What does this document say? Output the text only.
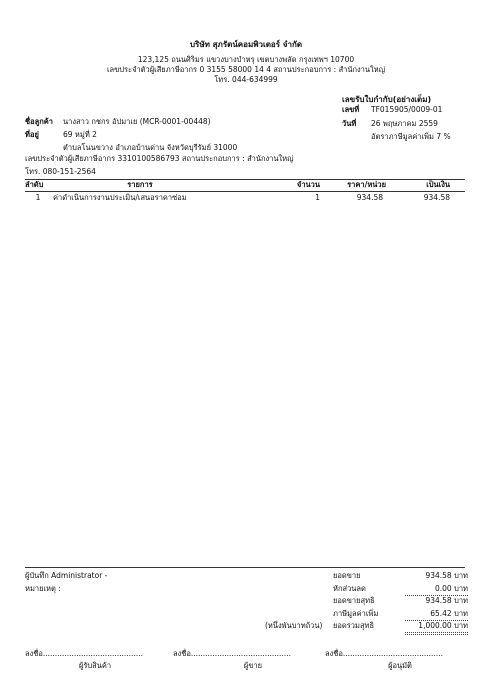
บริษัท สุภรัตน์คอมพิวเตอร์ จำกัด
123,125 ถนนศิริมร แขวงบางบำหรุ เขตบางพลัด กรุงเทพฯ 10700
เลขประจำตัวผู้เสียภาษีอากร 0 3155 58000 14 4 สถานประกอบการ : สำนักงานใหญ่
โทร. 044-634999
เลขรับใบกำกับ(อย่างเต็ม)
เลขที่ TF015905/0009-01
วันที่ 26 พฤษภาคม 2559
อัตราภาษีมูลค่าเพิ่ม 7 %
ชื่อลูกค้า นางสาว กชกร อัปมาเย (MCR-0001-00448)
ที่อยู่	69 หมู่ที่ 2
ตำบลโนนขวาง อำเภอบ้านด่าน จังหวัดบุรีรัมย์ 31000
เลขประจำตัวผู้เสียภาษีอากร 3310100586793 สถานประกอบการ : สำนักงานใหญ่
โทร. 080-151-2564
ลำดับ	รายการ	จำนวน	ราคา/หน่วย	เป็นเงิน
1	ค่าดำเนินการงานประเมิน/เสนอราคาซ่อม	1	934.58	934.58
ผู้บันทึก Administrator -
หมายเหตุ :
ยอดขาย	934.58 บาท
หักส่วนลด	0.00 บาท
ยอดขายสุทธิ	934.58 บาท
ภาษีมูลค่าเพิ่ม	65.42 บาท
(หนึ่งพันบาทถ้วน) ยอดรวมสุทธิ	1,000.00 บาท
ลงชื่อ..........................................
ผู้รับสินค้า
ลงชื่อ..........................................
ผู้ขาย
ลงชื่อ..........................................
ผู้อนุมัติ
